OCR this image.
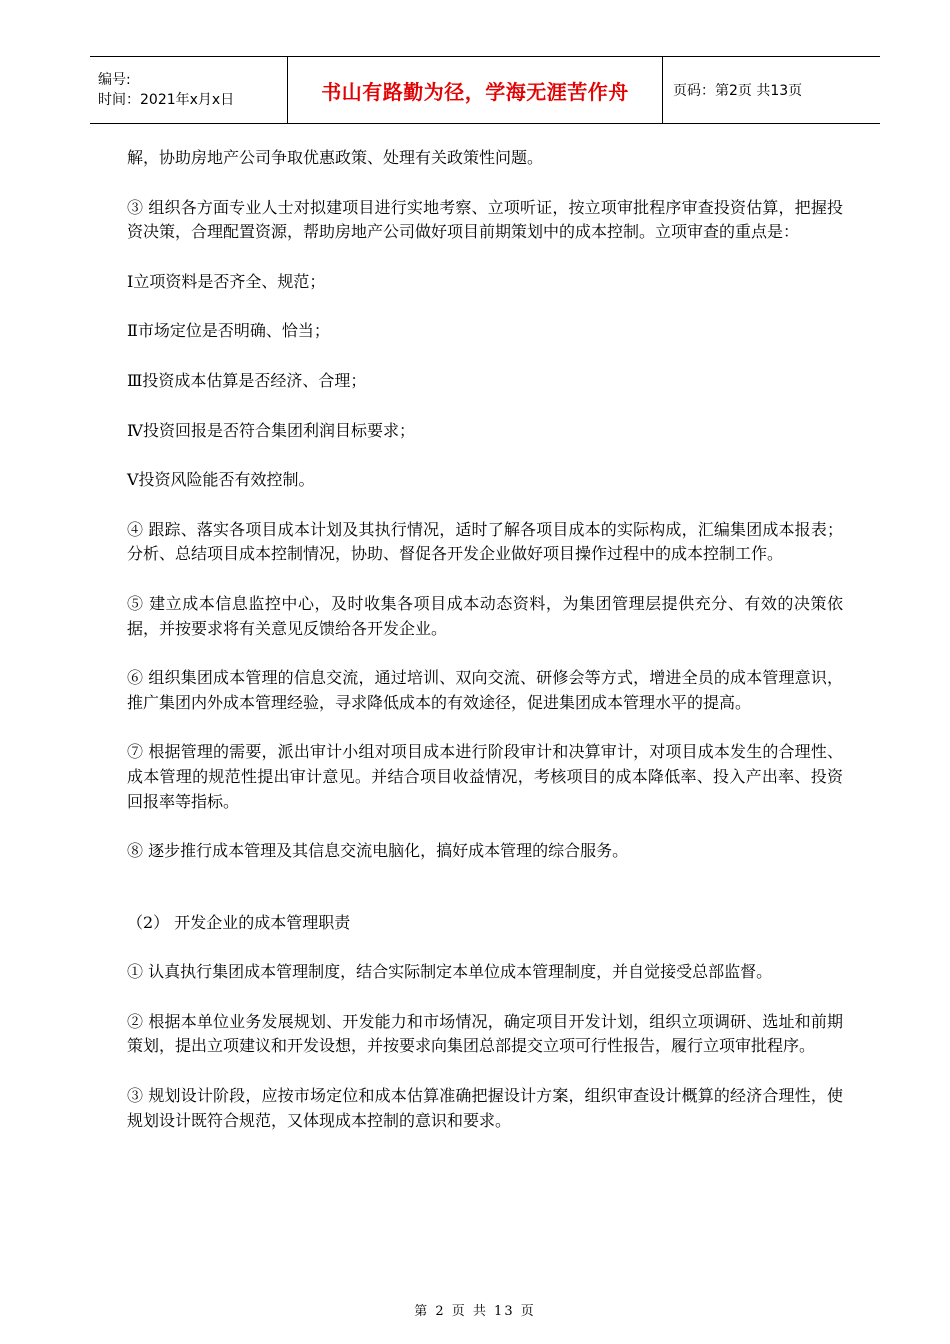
编号:
时间：2021年x月x日	书山有路勤为径，学海无涯苦作舟	页码：第2页 共13页

解，协助房地产公司争取优惠政策、处理有关政策性问题。

③ 组织各方面专业人士对拟建项目进行实地考察、立项听证，按立项审批程序审查投资估算，把握投资决策，合理配置资源，帮助房地产公司做好项目前期策划中的成本控制。立项审查的重点是：

Ⅰ立项资料是否齐全、规范；

Ⅱ市场定位是否明确、恰当；

Ⅲ投资成本估算是否经济、合理；

Ⅳ投资回报是否符合集团利润目标要求；

Ⅴ投资风险能否有效控制。

④ 跟踪、落实各项目成本计划及其执行情况，适时了解各项目成本的实际构成，汇编集团成本报表；分析、总结项目成本控制情况，协助、督促各开发企业做好项目操作过程中的成本控制工作。

⑤ 建立成本信息监控中心，及时收集各项目成本动态资料，为集团管理层提供充分、有效的决策依据，并按要求将有关意见反馈给各开发企业。

⑥ 组织集团成本管理的信息交流，通过培训、双向交流、研修会等方式，增进全员的成本管理意识，推广集团内外成本管理经验，寻求降低成本的有效途径，促进集团成本管理水平的提高。

⑦ 根据管理的需要，派出审计小组对项目成本进行阶段审计和决算审计，对项目成本发生的合理性、成本管理的规范性提出审计意见。并结合项目收益情况，考核项目的成本降低率、投入产出率、投资回报率等指标。

⑧ 逐步推行成本管理及其信息交流电脑化，搞好成本管理的综合服务。

（2） 开发企业的成本管理职责

① 认真执行集团成本管理制度，结合实际制定本单位成本管理制度，并自觉接受总部监督。

② 根据本单位业务发展规划、开发能力和市场情况，确定项目开发计划，组织立项调研、选址和前期策划，提出立项建议和开发设想，并按要求向集团总部提交立项可行性报告，履行立项审批程序。

③ 规划设计阶段，应按市场定位和成本估算准确把握设计方案，组织审查设计概算的经济合理性，使规划设计既符合规范，又体现成本控制的意识和要求。

第 2 页 共 13 页
